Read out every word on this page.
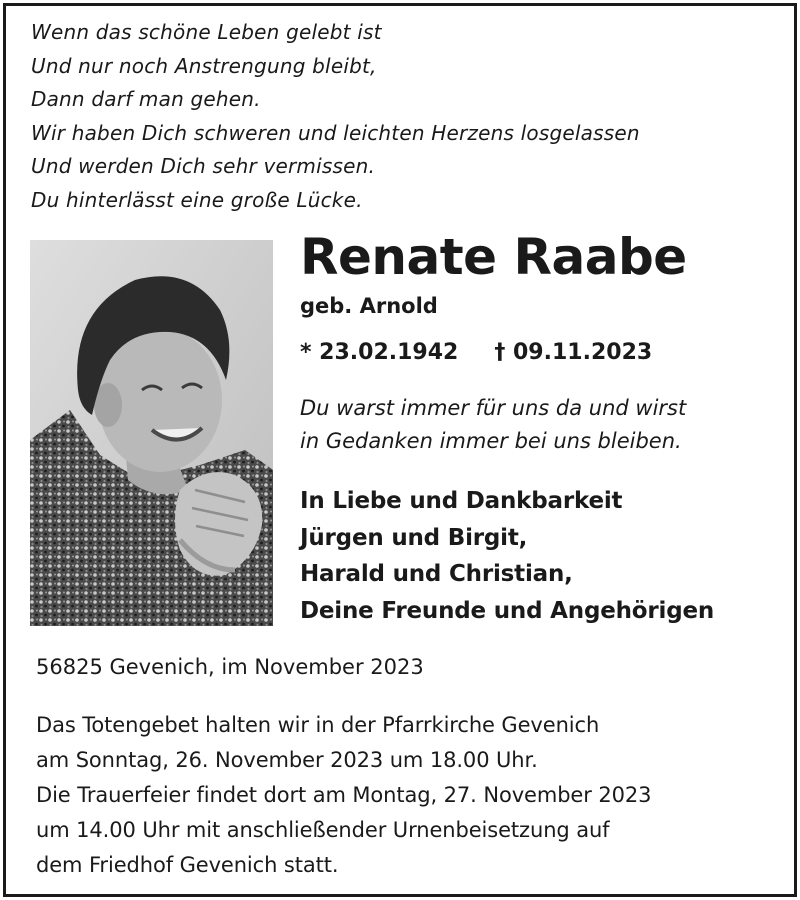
Wenn das schöne Leben gelebt ist
Und nur noch Anstrengung bleibt,
Dann darf man gehen.
Wir haben Dich schweren und leichten Herzens losgelassen
Und werden Dich sehr vermissen.
Du hinterlässt eine große Lücke.
Renate Raabe
geb. Arnold
* 23.02.1942 † 09.11.2023
Du warst immer für uns da und wirst
in Gedanken immer bei uns bleiben.
In Liebe und Dankbarkeit
Jürgen und Birgit,
Harald und Christian,
Deine Freunde und Angehörigen
56825 Gevenich, im November 2023
Das Totengebet halten wir in der Pfarrkirche Gevenich
am Sonntag, 26. November 2023 um 18.00 Uhr.
Die Trauerfeier findet dort am Montag, 27. November 2023
um 14.00 Uhr mit anschließender Urnenbeisetzung auf
dem Friedhof Gevenich statt.
